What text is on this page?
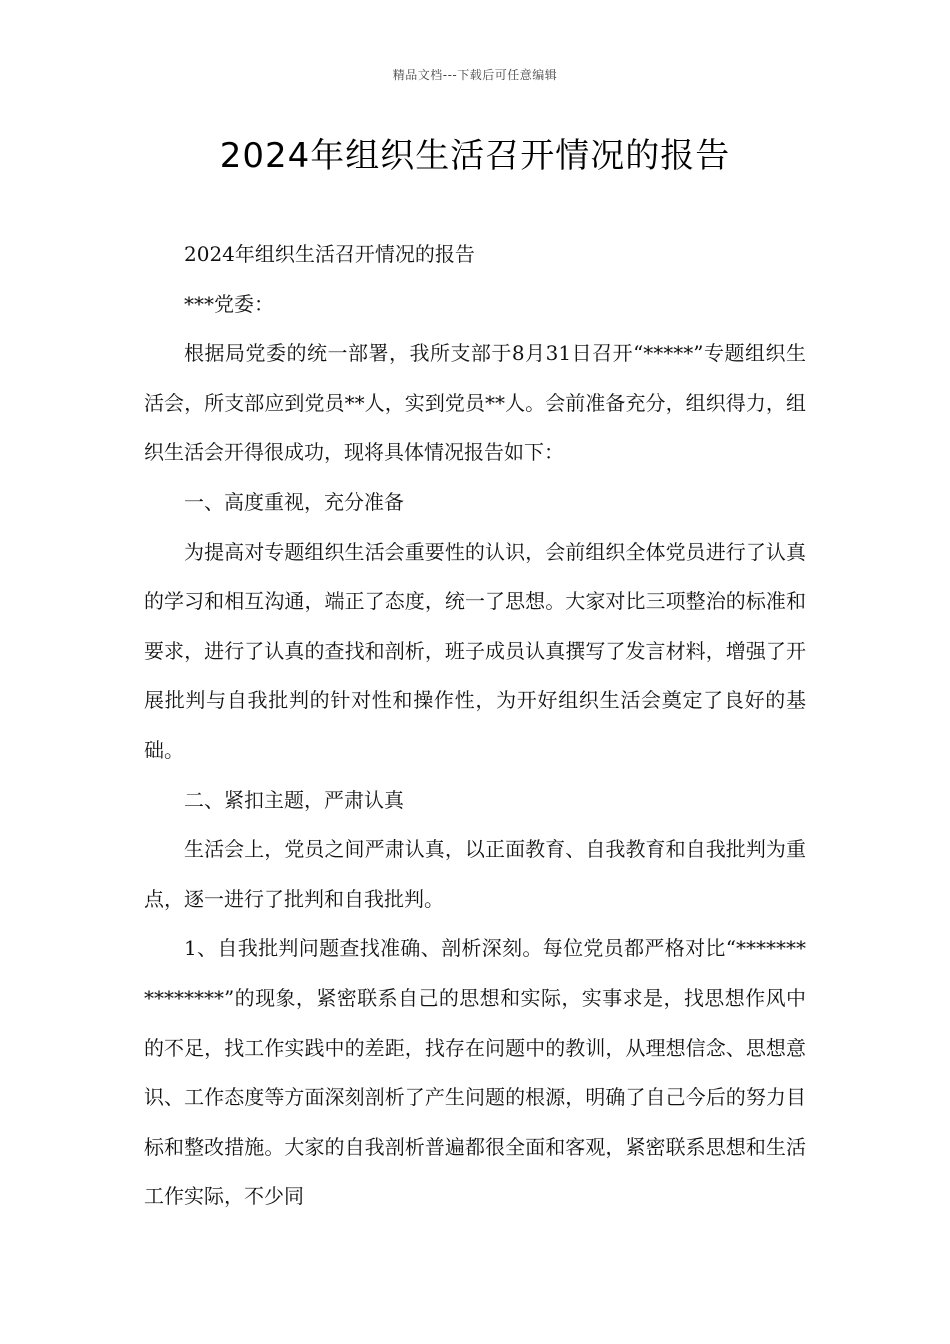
精品文档---下载后可任意编辑
2024年组织生活召开情况的报告

2024年组织生活召开情况的报告

***党委：

根据局党委的统一部署，我所支部于8月31日召开“*****”专题组织生活会，所支部应到党员**人，实到党员**人。会前准备充分，组织得力，组织生活会开得很成功，现将具体情况报告如下：

一、高度重视，充分准备

为提高对专题组织生活会重要性的认识，会前组织全体党员进行了认真的学习和相互沟通，端正了态度，统一了思想。大家对比三项整治的标准和要求，进行了认真的查找和剖析，班子成员认真撰写了发言材料，增强了开展批判与自我批判的针对性和操作性，为开好组织生活会奠定了良好的基础。

二、紧扣主题，严肃认真

生活会上，党员之间严肃认真，以正面教育、自我教育和自我批判为重点，逐一进行了批判和自我批判。

1、自我批判问题查找准确、剖析深刻。每位党员都严格对比“***************”的现象，紧密联系自己的思想和实际，实事求是，找思想作风中的不足，找工作实践中的差距，找存在问题中的教训，从理想信念、思想意识、工作态度等方面深刻剖析了产生问题的根源，明确了自己今后的努力目标和整改措施。大家的自我剖析普遍都很全面和客观，紧密联系思想和生活工作实际，不少同
